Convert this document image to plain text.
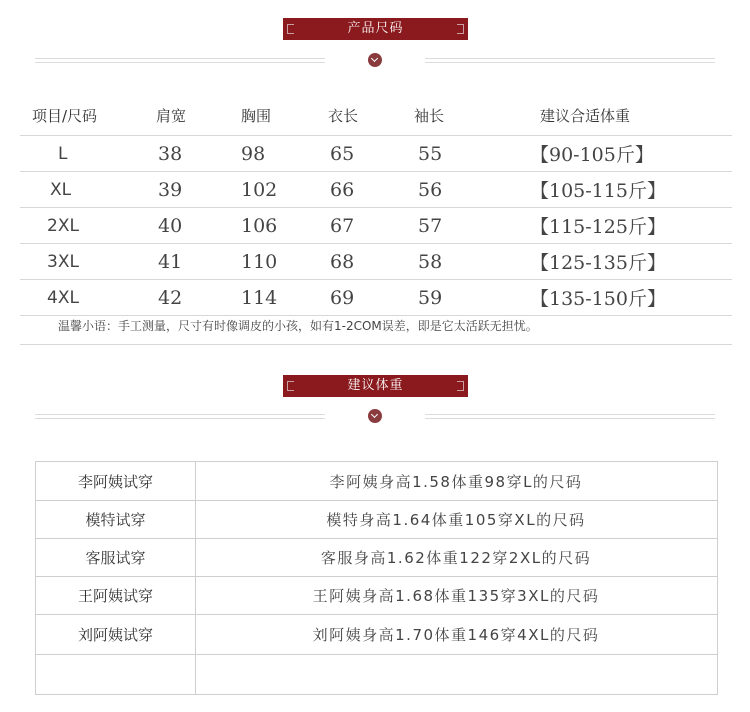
产品尺码
项目/尺码	肩宽	胸围	衣长	袖长	建议合适体重
L	38	98	65	55	【90-105斤】
XL	39	102	66	56	【105-115斤】
2XL	40	106	67	57	【115-125斤】
3XL	41	110	68	58	【125-135斤】
4XL	42	114	69	59	【135-150斤】
温馨小语：手工测量，尺寸有时像调皮的小孩，如有1-2COM误差，即是它太活跃无担忧。
建议体重
李阿姨试穿	李阿姨身高1.58体重98穿L的尺码
模特试穿	模特身高1.64体重105穿XL的尺码
客服试穿	客服身高1.62体重122穿2XL的尺码
王阿姨试穿	王阿姨身高1.68体重135穿3XL的尺码
刘阿姨试穿	刘阿姨身高1.70体重146穿4XL的尺码
